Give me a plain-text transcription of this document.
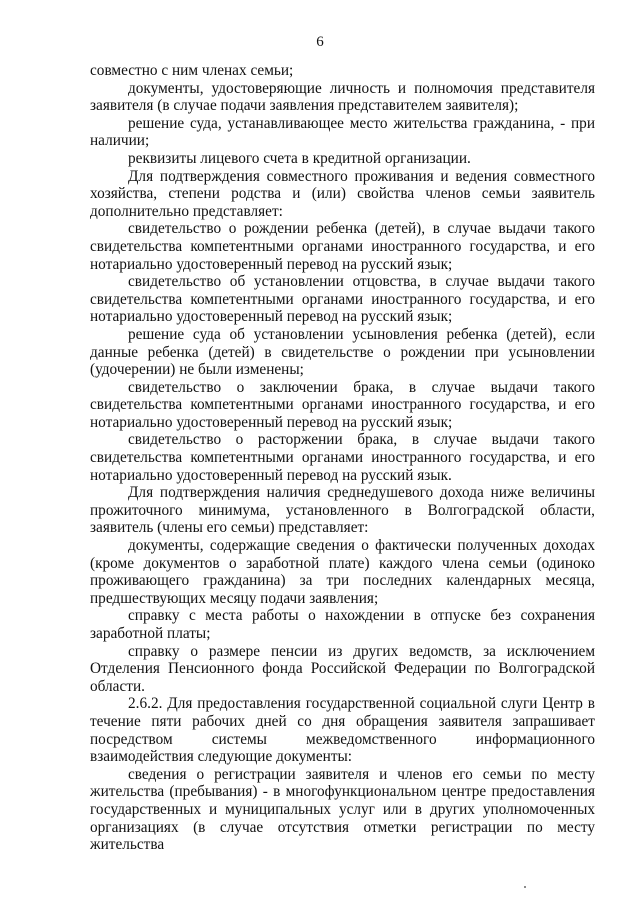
6

совместно с ним членах семьи;

документы, удостоверяющие личность и полномочия представителя заявителя (в случае подачи заявления представителем заявителя);

решение суда, устанавливающее место жительства гражданина, - при наличии;

реквизиты лицевого счета в кредитной организации.

Для подтверждения совместного проживания и ведения совместного хозяйства, степени родства и (или) свойства членов семьи заявитель дополнительно представляет:

свидетельство о рождении ребенка (детей), в случае выдачи такого свидетельства компетентными органами иностранного государства, и его нотариально удостоверенный перевод на русский язык;

свидетельство об установлении отцовства, в случае выдачи такого свидетельства компетентными органами иностранного государства, и его нотариально удостоверенный перевод на русский язык;

решение суда об установлении усыновления ребенка (детей), если данные ребенка (детей) в свидетельстве о рождении при усыновлении (удочерении) не были изменены;

свидетельство о заключении брака, в случае выдачи такого свидетельства компетентными органами иностранного государства, и его нотариально удостоверенный перевод на русский язык;

свидетельство о расторжении брака, в случае выдачи такого свидетельства компетентными органами иностранного государства, и его нотариально удостоверенный перевод на русский язык.

Для подтверждения наличия среднедушевого дохода ниже величины прожиточного минимума, установленного в Волгоградской области, заявитель (члены его семьи) представляет:

документы, содержащие сведения о фактически полученных доходах (кроме документов о заработной плате) каждого члена семьи (одиноко проживающего гражданина) за три последних календарных месяца, предшествующих месяцу подачи заявления;

справку с места работы о нахождении в отпуске без сохранения заработной платы;

справку о размере пенсии из других ведомств, за исключением Отделения Пенсионного фонда Российской Федерации по Волгоградской области.

2.6.2. Для предоставления государственной социальной слуги Центр в течение пяти рабочих дней со дня обращения заявителя запрашивает посредством системы межведомственного информационного взаимодействия следующие документы:

сведения о регистрации заявителя и членов его семьи по месту жительства (пребывания) - в многофункциональном центре предоставления государственных и муниципальных услуг или в других уполномоченных организациях (в случае отсутствия отметки регистрации по месту жительства
